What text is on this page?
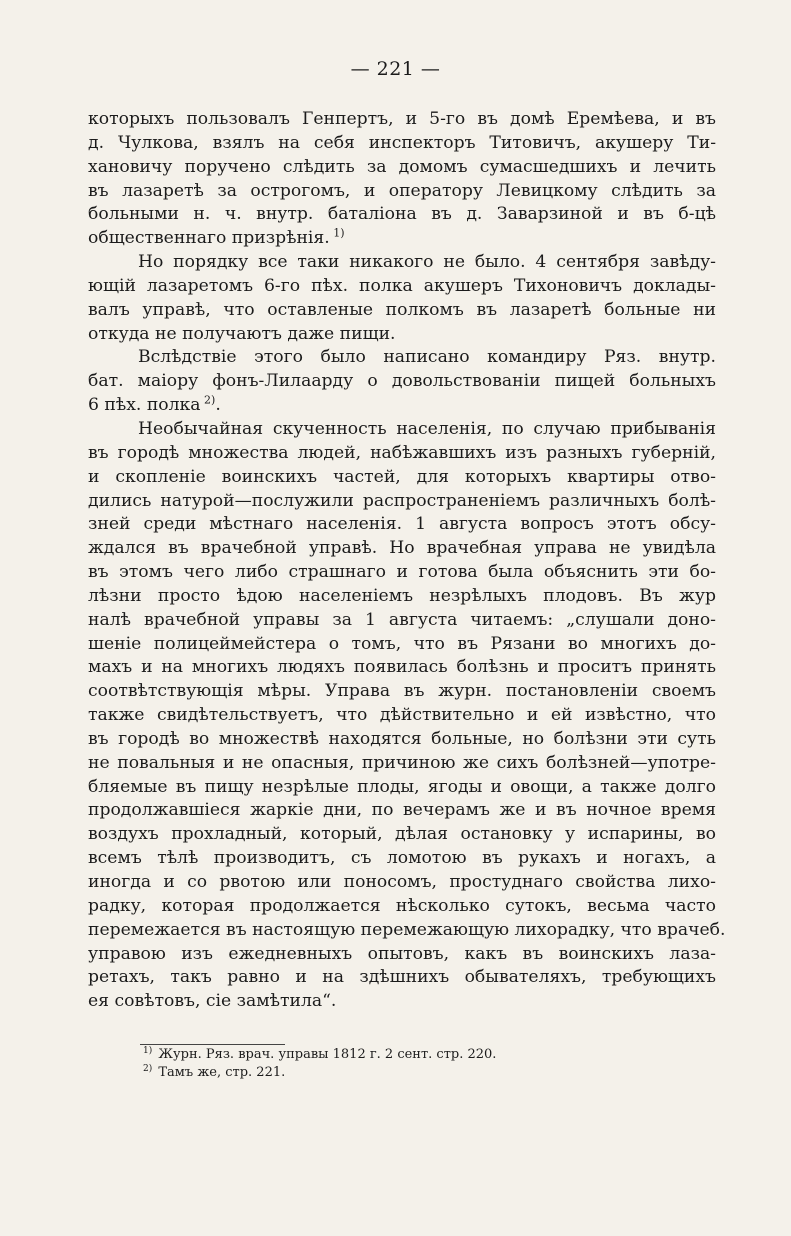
— 221 —
которыхъ пользовалъ Генпертъ, и 5-го въ домѣ Еремѣева, и въ
д. Чулкова, взялъ на себя инспекторъ Титовичъ, акушеру Ти-
хановичу поручено слѣдить за домомъ сумасшедшихъ и лечить
въ лазаретѣ за острогомъ, и оператору Левицкому слѣдить за
больными н. ч. внутр. баталіона въ д. Заварзиной и въ б-цѣ
общественнаго призрѣнія. $^{1)}$
Но порядку все таки никакого не было. 4 сентября завѣду-
ющій лазаретомъ 6-го пѣх. полка акушеръ Тихоновичъ доклады-
валъ управѣ, что оставленые полкомъ въ лазаретѣ больные ни
откуда не получаютъ даже пищи.
Вслѣдствіе этого было написано командиру Ряз. внутр.
бат. маіору фонъ-Лилаарду о довольствованіи пищей больныхъ
6 пѣх. полка $^{2)}$.
Необычайная скученность населенія, по случаю прибыванія
въ городѣ множества людей, набѣжавшихъ изъ разныхъ губерній,
и скопленіе воинскихъ частей, для которыхъ квартиры отво-
дились натурой—послужили распространенiемъ различныхъ болѣ-
зней среди мѣстнаго населенія. 1 августа вопросъ этотъ обсу-
ждался въ врачебной управѣ. Но врачебная управа не увидѣла
въ этомъ чего либо страшнаго и готова была объяснить эти бо-
лѣзни просто ѣдою населенiемъ незрѣлыхъ плодовъ. Въ жур
налѣ врачебной управы за 1 августа читаемъ: „слушали доно-
шеніе полицеймейстера о томъ, что въ Рязани во многихъ до-
махъ и на многихъ людяхъ появилась болѣзнь и проситъ принять
соотвѣтствующія мѣры. Управа въ журн. постановленіи своемъ
также свидѣтельствуетъ, что дѣйствительно и ей извѣстно, что
въ городѣ во множествѣ находятся больные, но болѣзни эти суть
не повальныя и не опасныя, причиною же сихъ болѣзней—употре-
бляемые въ пищу незрѣлые плоды, ягоды и овощи, а также долго
продолжавшіеся жаркіе дни, по вечерамъ же и въ ночное время
воздухъ прохладный, который, дѣлая остановку у испарины, во
всемъ тѣлѣ производитъ, съ ломотою въ рукахъ и ногахъ, а
иногда и со рвотою или поносомъ, простуднаго свойства лихо-
радку, которая продолжается нѣсколько сутокъ, весьма часто
перемежается въ настоящую перемежающую лихорадку, что врачеб.
управою изъ ежедневныхъ опытовъ, какъ въ воинскихъ лаза-
ретахъ, такъ равно и на здѣшнихъ обывателяхъ, требующихъ
ея совѣтовъ, сіе замѣтила“.
$^{1)}$ Журн. Ряз. врач. управы 1812 г. 2 сент. стр. 220.
$^{2)}$ Тамъ же, стр. 221.
